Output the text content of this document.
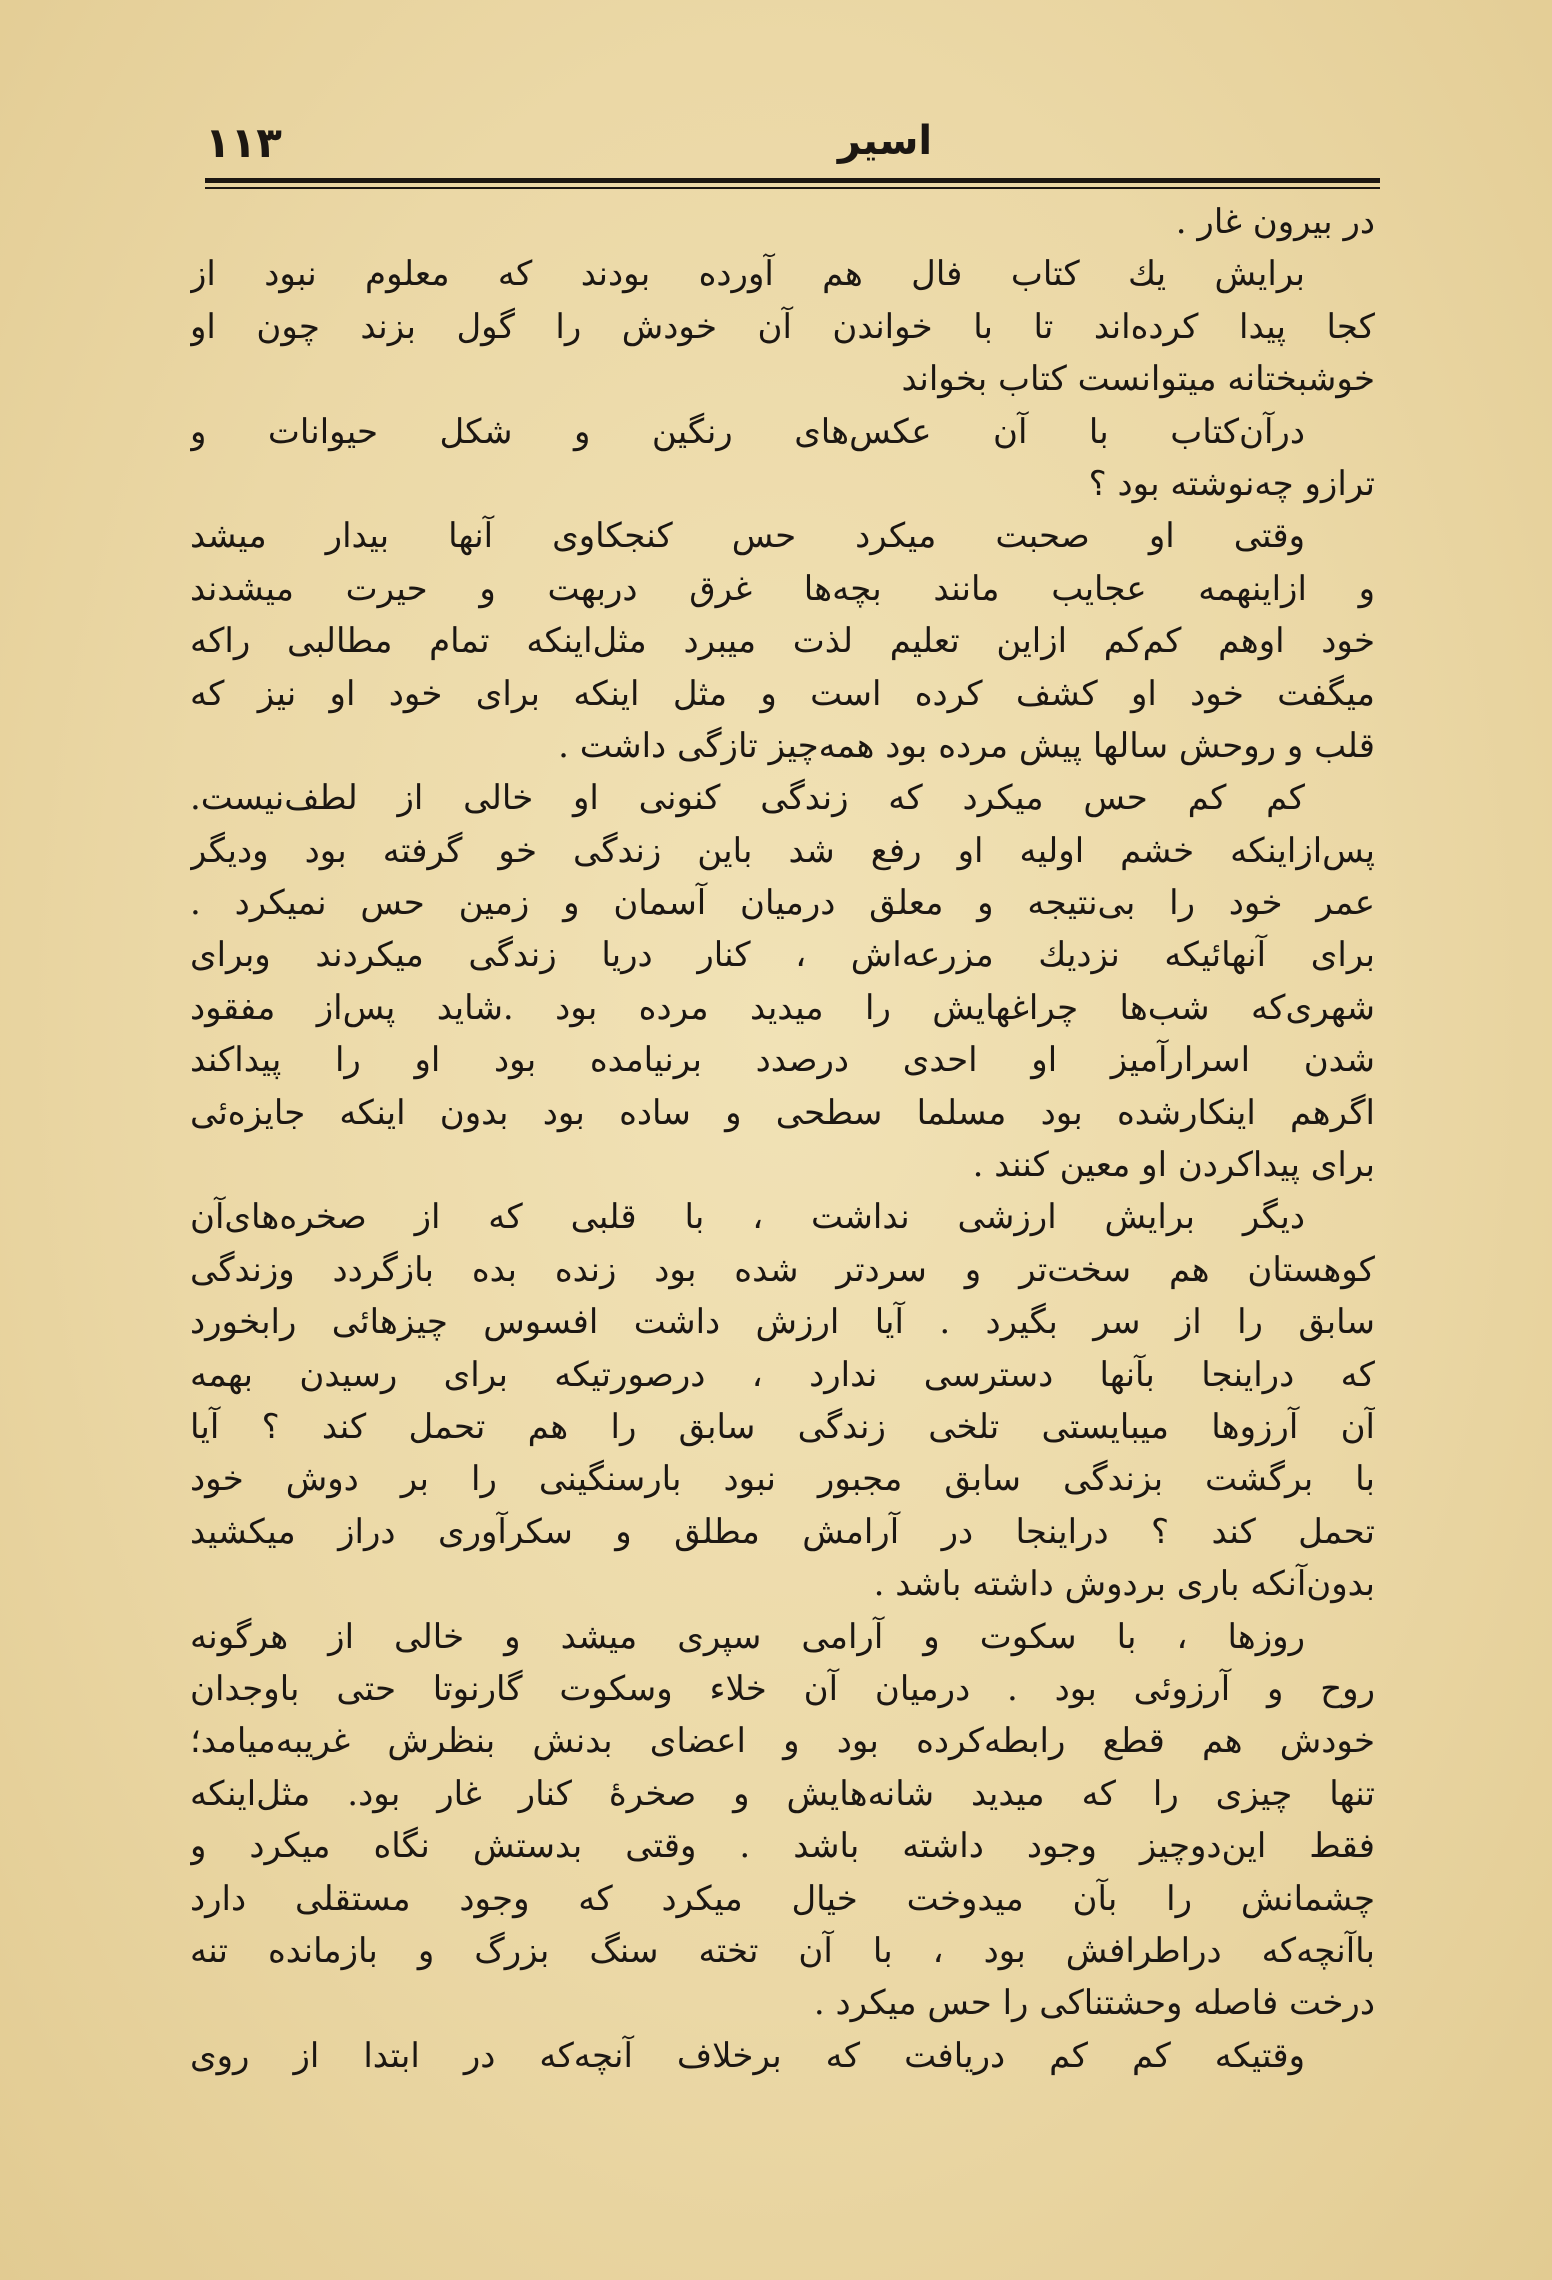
۱۱۳	اسیر
در بیرون غار .
برایش یك کتاب فال هم آورده بودند که معلوم نبود از
کجا پیدا کرده‌اند تا با خواندن آن خودش را گول بزند چون او
خوشبختانه میتوانست کتاب بخواند
درآن‌کتاب با آن عکس‌های رنگین و شکل حیوانات و
ترازو چه‌نوشته بود ؟
وقتی او صحبت میکرد حس کنجکاوی آنها بیدار میشد
و ازاینهمه عجایب مانند بچه‌ها غرق دربهت و حیرت میشدند
خود اوهم کم‌کم ازاین تعلیم لذت میبرد مثل‌اینکه تمام مطالبی راکه
میگفت خود او کشف کرده است و مثل اینکه برای خود او نیز که
قلب و روحش سالها پیش مرده بود همه‌چیز تازگی داشت .
کم کم حس میکرد که زندگی کنونی او خالی از لطف‌نیست.
پس‌ازاینکه خشم اولیه او رفع شد باین زندگی خو گرفته بود ودیگر
عمر خود را بی‌نتیجه و معلق درمیان آسمان و زمین حس نمیکرد .
برای آنهائیکه نزدیك مزرعه‌اش ، کنار دریا زندگی میکردند وبرای
شهری‌که شب‌ها چراغهایش را میدید مرده بود .شاید پس‌از مفقود
شدن اسرارآمیز او احدی درصدد برنیامده بود او را پیداکند
اگرهم اینکارشده بود مسلما سطحی و ساده بود بدون اینکه جایزه‌ئی
برای پیداکردن او معین کنند .
دیگر برایش ارزشی نداشت ، با قلبی که از صخره‌های‌آن
کوهستان هم سخت‌تر و سردتر شده بود زنده بده بازگردد وزندگی
سابق را از سر بگیرد . آیا ارزش داشت افسوس چیزهائی رابخورد
که دراینجا بآنها دسترسی ندارد ، درصورتیکه برای رسیدن بهمه
آن آرزوها میبایستی تلخی زندگی سابق را هم تحمل کند ؟ آیا
با برگشت بزندگی سابق مجبور نبود بارسنگینی را بر دوش خود
تحمل کند ؟ دراینجا در آرامش مطلق و سکرآوری دراز میکشید
بدون‌آنکه باری بردوش داشته باشد .
روزها ، با سکوت و آرامی سپری میشد و خالی از هرگونه
روح و آرزوئی بود . درمیان آن خلاء وسکوت گارنوتا حتی باوجدان
خودش هم قطع رابطه‌کرده بود و اعضای بدنش بنظرش غریبه‌میامد؛
تنها چیزی را که میدید شانه‌هایش و صخرهٔ کنار غار بود. مثل‌اینکه
فقط این‌دوچیز وجود داشته باشد . وقتی بدستش نگاه میکرد و
چشمانش را بآن میدوخت خیال میکرد که وجود مستقلی دارد
باآنچه‌که دراطرافش بود ، با آن تخته سنگ بزرگ و بازمانده تنه
درخت فاصله وحشتناکی را حس میکرد .
وقتیکه کم کم دریافت که برخلاف آنچه‌که در ابتدا از روی
